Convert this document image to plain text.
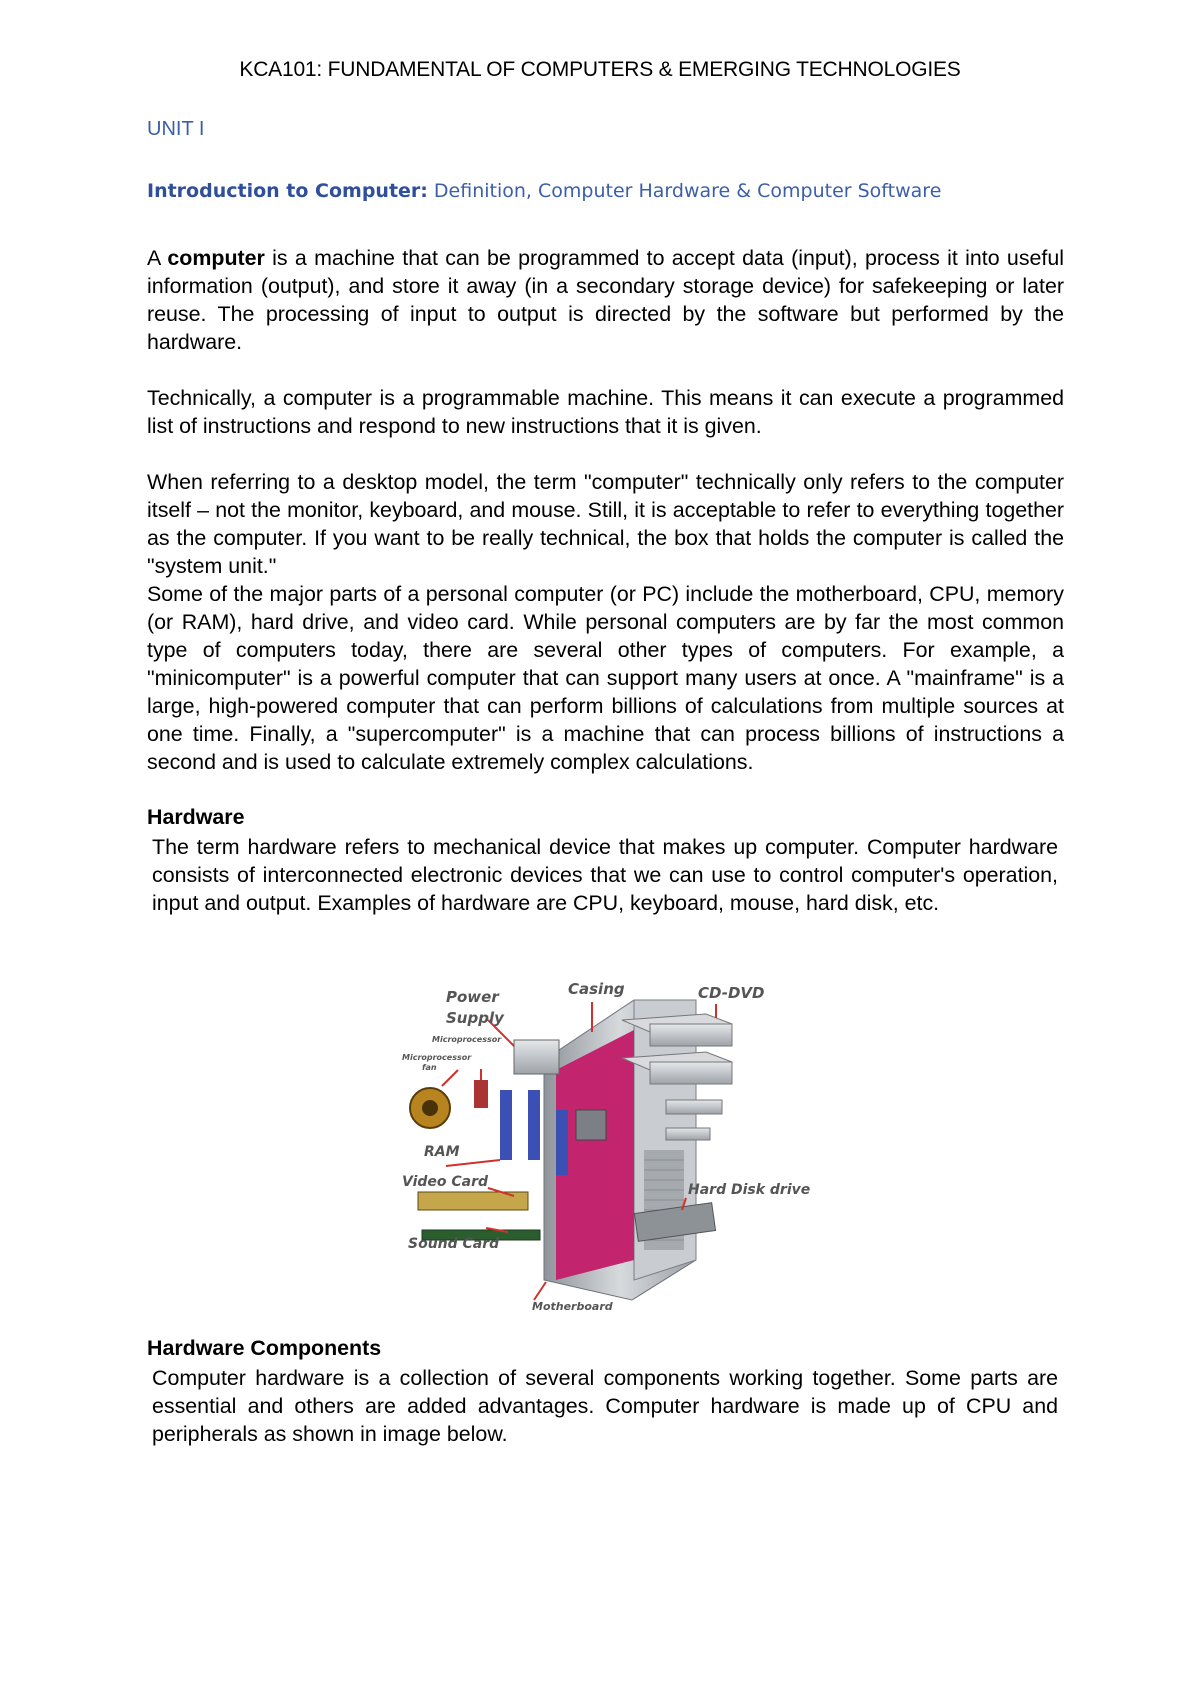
KCA101: FUNDAMENTAL OF COMPUTERS & EMERGING TECHNOLOGIES
UNIT I
Introduction to Computer: Definition, Computer Hardware & Computer Software

A computer is a machine that can be programmed to accept data (input), process it into useful information (output), and store it away (in a secondary storage device) for safekeeping or later reuse. The processing of input to output is directed by the software but performed by the hardware.

Technically, a computer is a programmable machine. This means it can execute a programmed list of instructions and respond to new instructions that it is given.

When referring to a desktop model, the term "computer" technically only refers to the computer itself – not the monitor, keyboard, and mouse. Still, it is acceptable to refer to everything together as the computer. If you want to be really technical, the box that holds the computer is called the "system unit."

Some of the major parts of a personal computer (or PC) include the motherboard, CPU, memory (or RAM), hard drive, and video card. While personal computers are by far the most common type of computers today, there are several other types of computers. For example, a "minicomputer" is a powerful computer that can support many users at once. A "mainframe" is a large, high-powered computer that can perform billions of calculations from multiple sources at one time. Finally, a "supercomputer" is a machine that can process billions of instructions a second and is used to calculate extremely complex calculations.

Hardware

The term hardware refers to mechanical device that makes up computer. Computer hardware consists of interconnected electronic devices that we can use to control computer's operation, input and output. Examples of hardware are CPU, keyboard, mouse, hard disk, etc.

Casing	CD-DVD
Power
Supply
Microprocessor
Microprocessor
fan
RAM
Video Card	Hard Disk drive
Sound Card
Motherboard

Hardware Components

Computer hardware is a collection of several components working together. Some parts are essential and others are added advantages. Computer hardware is made up of CPU and peripherals as shown in image below.
